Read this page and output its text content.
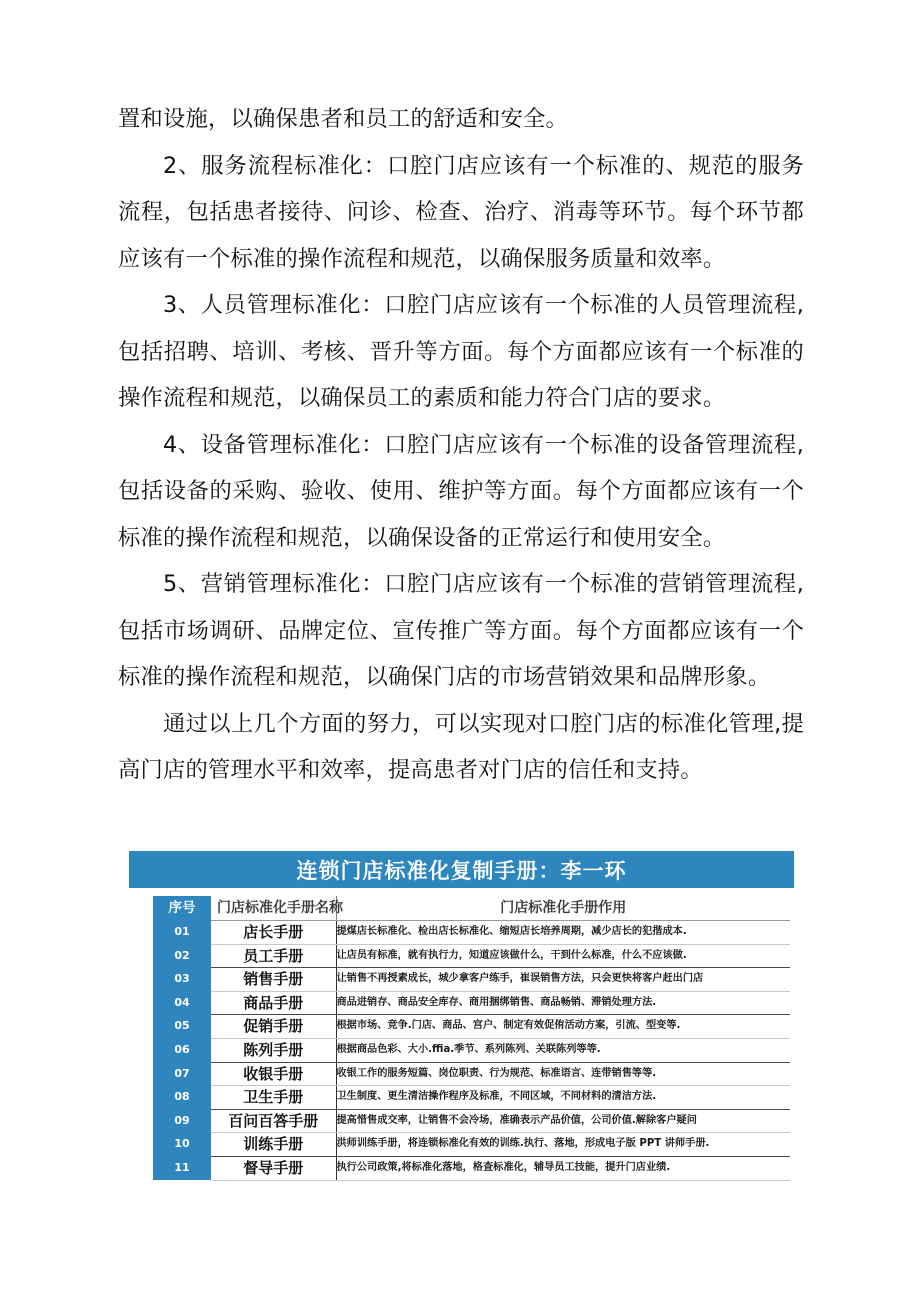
置和设施，以确保患者和员工的舒适和安全。

2、服务流程标准化：口腔门店应该有一个标准的、规范的服务流程，包括患者接待、问诊、检查、治疗、消毒等环节。每个环节都应该有一个标准的操作流程和规范，以确保服务质量和效率。

3、人员管理标准化：口腔门店应该有一个标准的人员管理流程,包括招聘、培训、考核、晋升等方面。每个方面都应该有一个标准的操作流程和规范，以确保员工的素质和能力符合门店的要求。

4、设备管理标准化：口腔门店应该有一个标准的设备管理流程,包括设备的采购、验收、使用、维护等方面。每个方面都应该有一个标准的操作流程和规范，以确保设备的正常运行和使用安全。

5、营销管理标准化：口腔门店应该有一个标准的营销管理流程,包括市场调研、品牌定位、宣传推广等方面。每个方面都应该有一个标准的操作流程和规范，以确保门店的市场营销效果和品牌形象。

通过以上几个方面的努力，可以实现对口腔门店的标准化管理,提高门店的管理水平和效率，提高患者对门店的信任和支持。

连锁门店标准化复制手册：李一环
序号	门店标准化手册名称	门店标准化手册作用
01	店长手册	提煤店长标准化、检出店长标准化、缩短店长培养周期，减少店长的犯揩成本.
02	员工手册	让店员有标准，就有执行力，知道应该做什么，干到什么标准，什么不应该做.
03	销售手册	让销售不再授素成长，城少拿客户练手，崔误销售方法，只会更快将客户赶出门店
04	商品手册	商品进销存、商品安全库存、商用捆绑销售、商品畅销、滞销处理方法.
05	促销手册	根据市场、竞争.门店、商品、宫户、制定有效促侑活动方案，引流、型变等.
06	陈列手册	根据商品色彩、大小.ffia.季节、系列陈列、关联陈列等等.
07	收银手册	收银工作的服务短篇、岗位职责、行为规范、标准语言、连带销售等等.
08	卫生手册	卫生制度、更生清洁操作程序及标准，不同区域，不同材料的清洁方法.
09	百问百答手册	提高惜售成交率，让销售不会冷场，准确表示产品价值，公司价值.解除客户疑问
10	训练手册	洪师训练手册，将连锁标准化有效的训练.执行、落地，形成电子版 PPT 讲师手册.
11	督导手册	执行公司政策,将标准化落地，格查标准化，辅导员工技能，提升门店业绩.
